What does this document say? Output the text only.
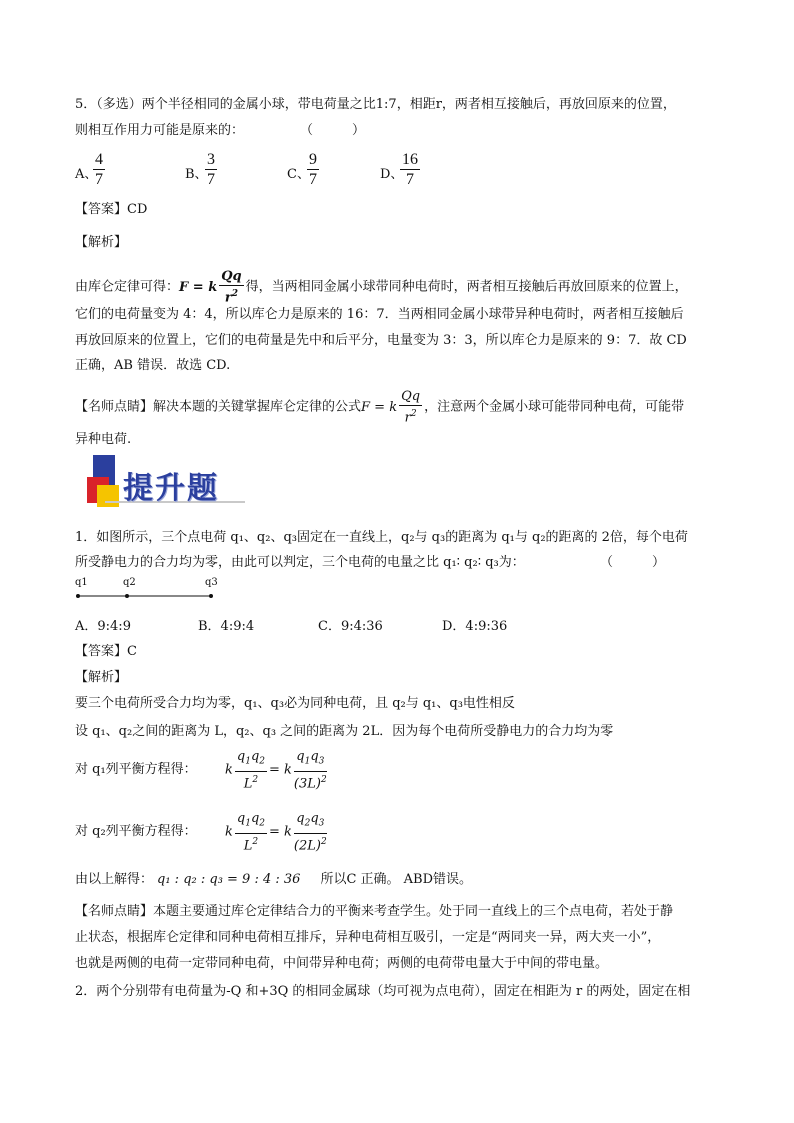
5．（多选）两个半径相同的金属小球，带电荷量之比1:7，相距r，两者相互接触后，再放回原来的位置，
则相互作用力可能是原来的：	（　　　）
A、
$\frac{4}{7}$	B、
$\frac{3}{7}$	C、
$\frac{9}{7}$	D、
$\frac{16}{7}$
【答案】CD
【解析】
由库仑定律可得：F = k $\frac{Qq}{r^2}$ 得，当两相同金属小球带同种电荷时，两者相互接触后再放回原来的位置上，
它们的电荷量变为 4：4，所以库仑力是原来的 16：7．当两相同金属小球带异种电荷时，两者相互接触后
再放回原来的位置上，它们的电荷量是先中和后平分，电量变为 3：3，所以库仑力是原来的 9：7．故 CD
正确，AB 错误．故选 CD.
【名师点睛】解决本题的关键掌握库仑定律的公式F = k $\frac{Qq}{r^2}$ ，注意两个金属小球可能带同种电荷，可能带
异种电荷.
提升题
1．如图所示，三个点电荷 q₁、q₂、q₃固定在一直线上，q₂与 q₃的距离为 q₁与 q₂的距离的 2倍，每个电荷
所受静电力的合力均为零，由此可以判定，三个电荷的电量之比 q₁∶ q₂∶ q₃为：	（　　　）
q1	q2	q3
A．9:4:9	B．4:9:4	C．9:4:36	D．4:9:36
【答案】C
【解析】
要三个电荷所受合力均为零，q₁、q₃必为同种电荷，且 q₂与 q₁、q₃电性相反
设 q₁、q₂之间的距离为 L，q₂、q₃ 之间的距离为 2L．因为每个电荷所受静电力的合力均为零
对 q₁列平衡方程得： k $\frac{q_1q_2}{L^2} = k \frac{q_1q_3}{(3L)^2}$
对 q₂列平衡方程得： k $\frac{q_1q_2}{L^2} = k \frac{q_2q_3}{(2L)^2}$
由以上解得： q₁ : q₂ : q₃ = 9 : 4 : 36 所以C 正确。 ABD错误。
【名师点睛】本题主要通过库仑定律结合力的平衡来考查学生。处于同一直线上的三个点电荷，若处于静
止状态，根据库仑定律和同种电荷相互排斥，异种电荷相互吸引，一定是“两同夹一异，两大夹一小”，
也就是两侧的电荷一定带同种电荷，中间带异种电荷；两侧的电荷带电量大于中间的带电量。
2．两个分别带有电荷量为-Q 和+3Q 的相同金属球（均可视为点电荷），固定在相距为 r 的两处，固定在相
